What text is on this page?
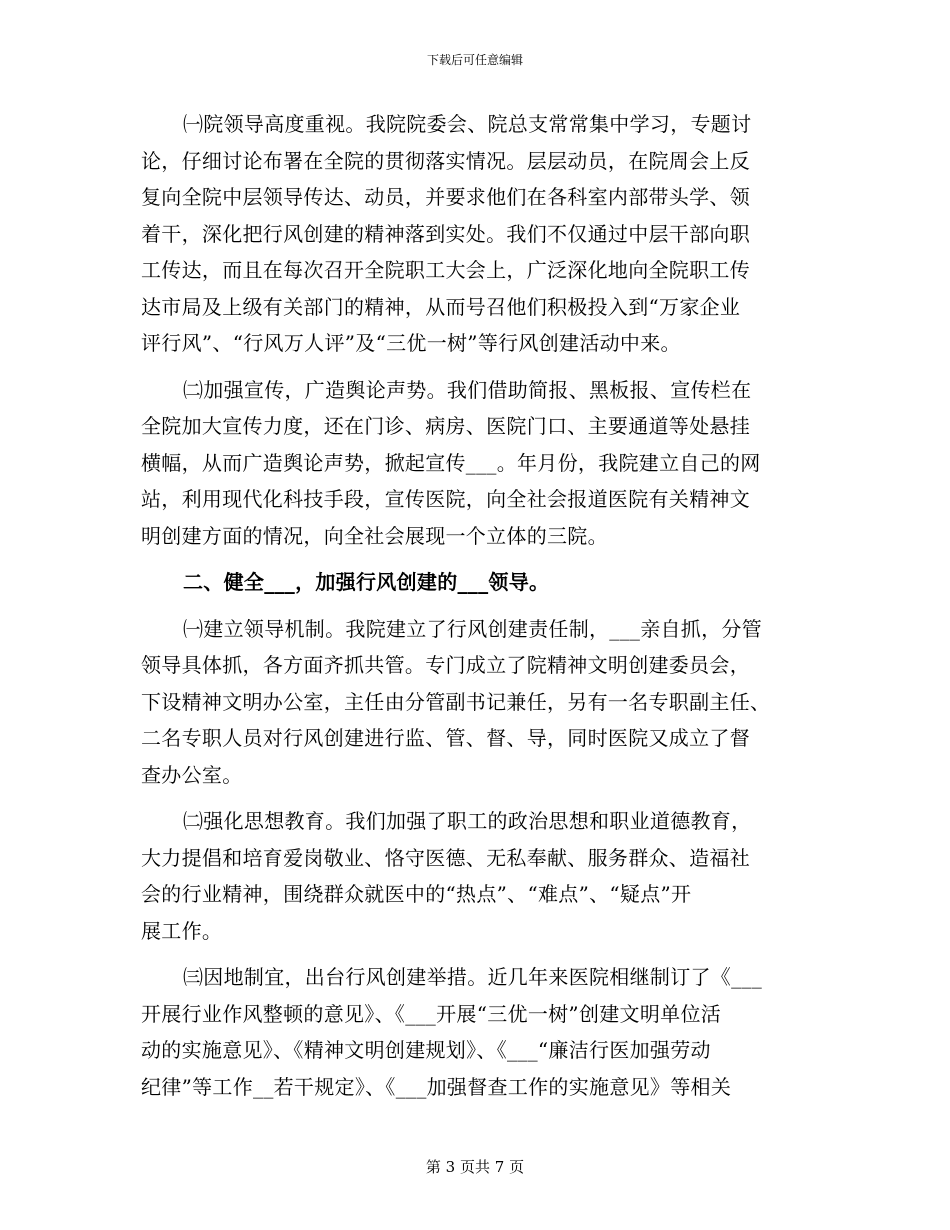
下载后可任意编辑
㈠院领导高度重视。我院院委会、院总支常常集中学习，专题讨
论，仔细讨论布署在全院的贯彻落实情况。层层动员，在院周会上反
复向全院中层领导传达、动员，并要求他们在各科室内部带头学、领
着干，深化把行风创建的精神落到实处。我们不仅通过中层干部向职
工传达，而且在每次召开全院职工大会上，广泛深化地向全院职工传
达市局及上级有关部门的精神，从而号召他们积极投入到“万家企业
评行风”、“行风万人评”及“三优一树”等行风创建活动中来。
㈡加强宣传，广造舆论声势。我们借助简报、黑板报、宣传栏在
全院加大宣传力度，还在门诊、病房、医院门口、主要通道等处悬挂
横幅，从而广造舆论声势，掀起宣传___。年月份，我院建立自己的网
站，利用现代化科技手段，宣传医院，向全社会报道医院有关精神文
明创建方面的情况，向全社会展现一个立体的三院。
二、健全___，加强行风创建的___领导。
㈠建立领导机制。我院建立了行风创建责任制，___亲自抓，分管
领导具体抓，各方面齐抓共管。专门成立了院精神文明创建委员会，
下设精神文明办公室，主任由分管副书记兼任，另有一名专职副主任、
二名专职人员对行风创建进行监、管、督、导，同时医院又成立了督
查办公室。
㈡强化思想教育。我们加强了职工的政治思想和职业道德教育，
大力提倡和培育爱岗敬业、恪守医德、无私奉献、服务群众、造福社
会的行业精神，围绕群众就医中的“热点”、“难点”、“疑点”开
展工作。
㈢因地制宜，出台行风创建举措。近几年来医院相继制订了《___
开展行业作风整顿的意见》、《___开展“三优一树”创建文明单位活
动的实施意见》、《精神文明创建规划》、《___“廉洁行医加强劳动
纪律”等工作__若干规定》、《___加强督查工作的实施意见》等相关
第 3 页共 7 页
